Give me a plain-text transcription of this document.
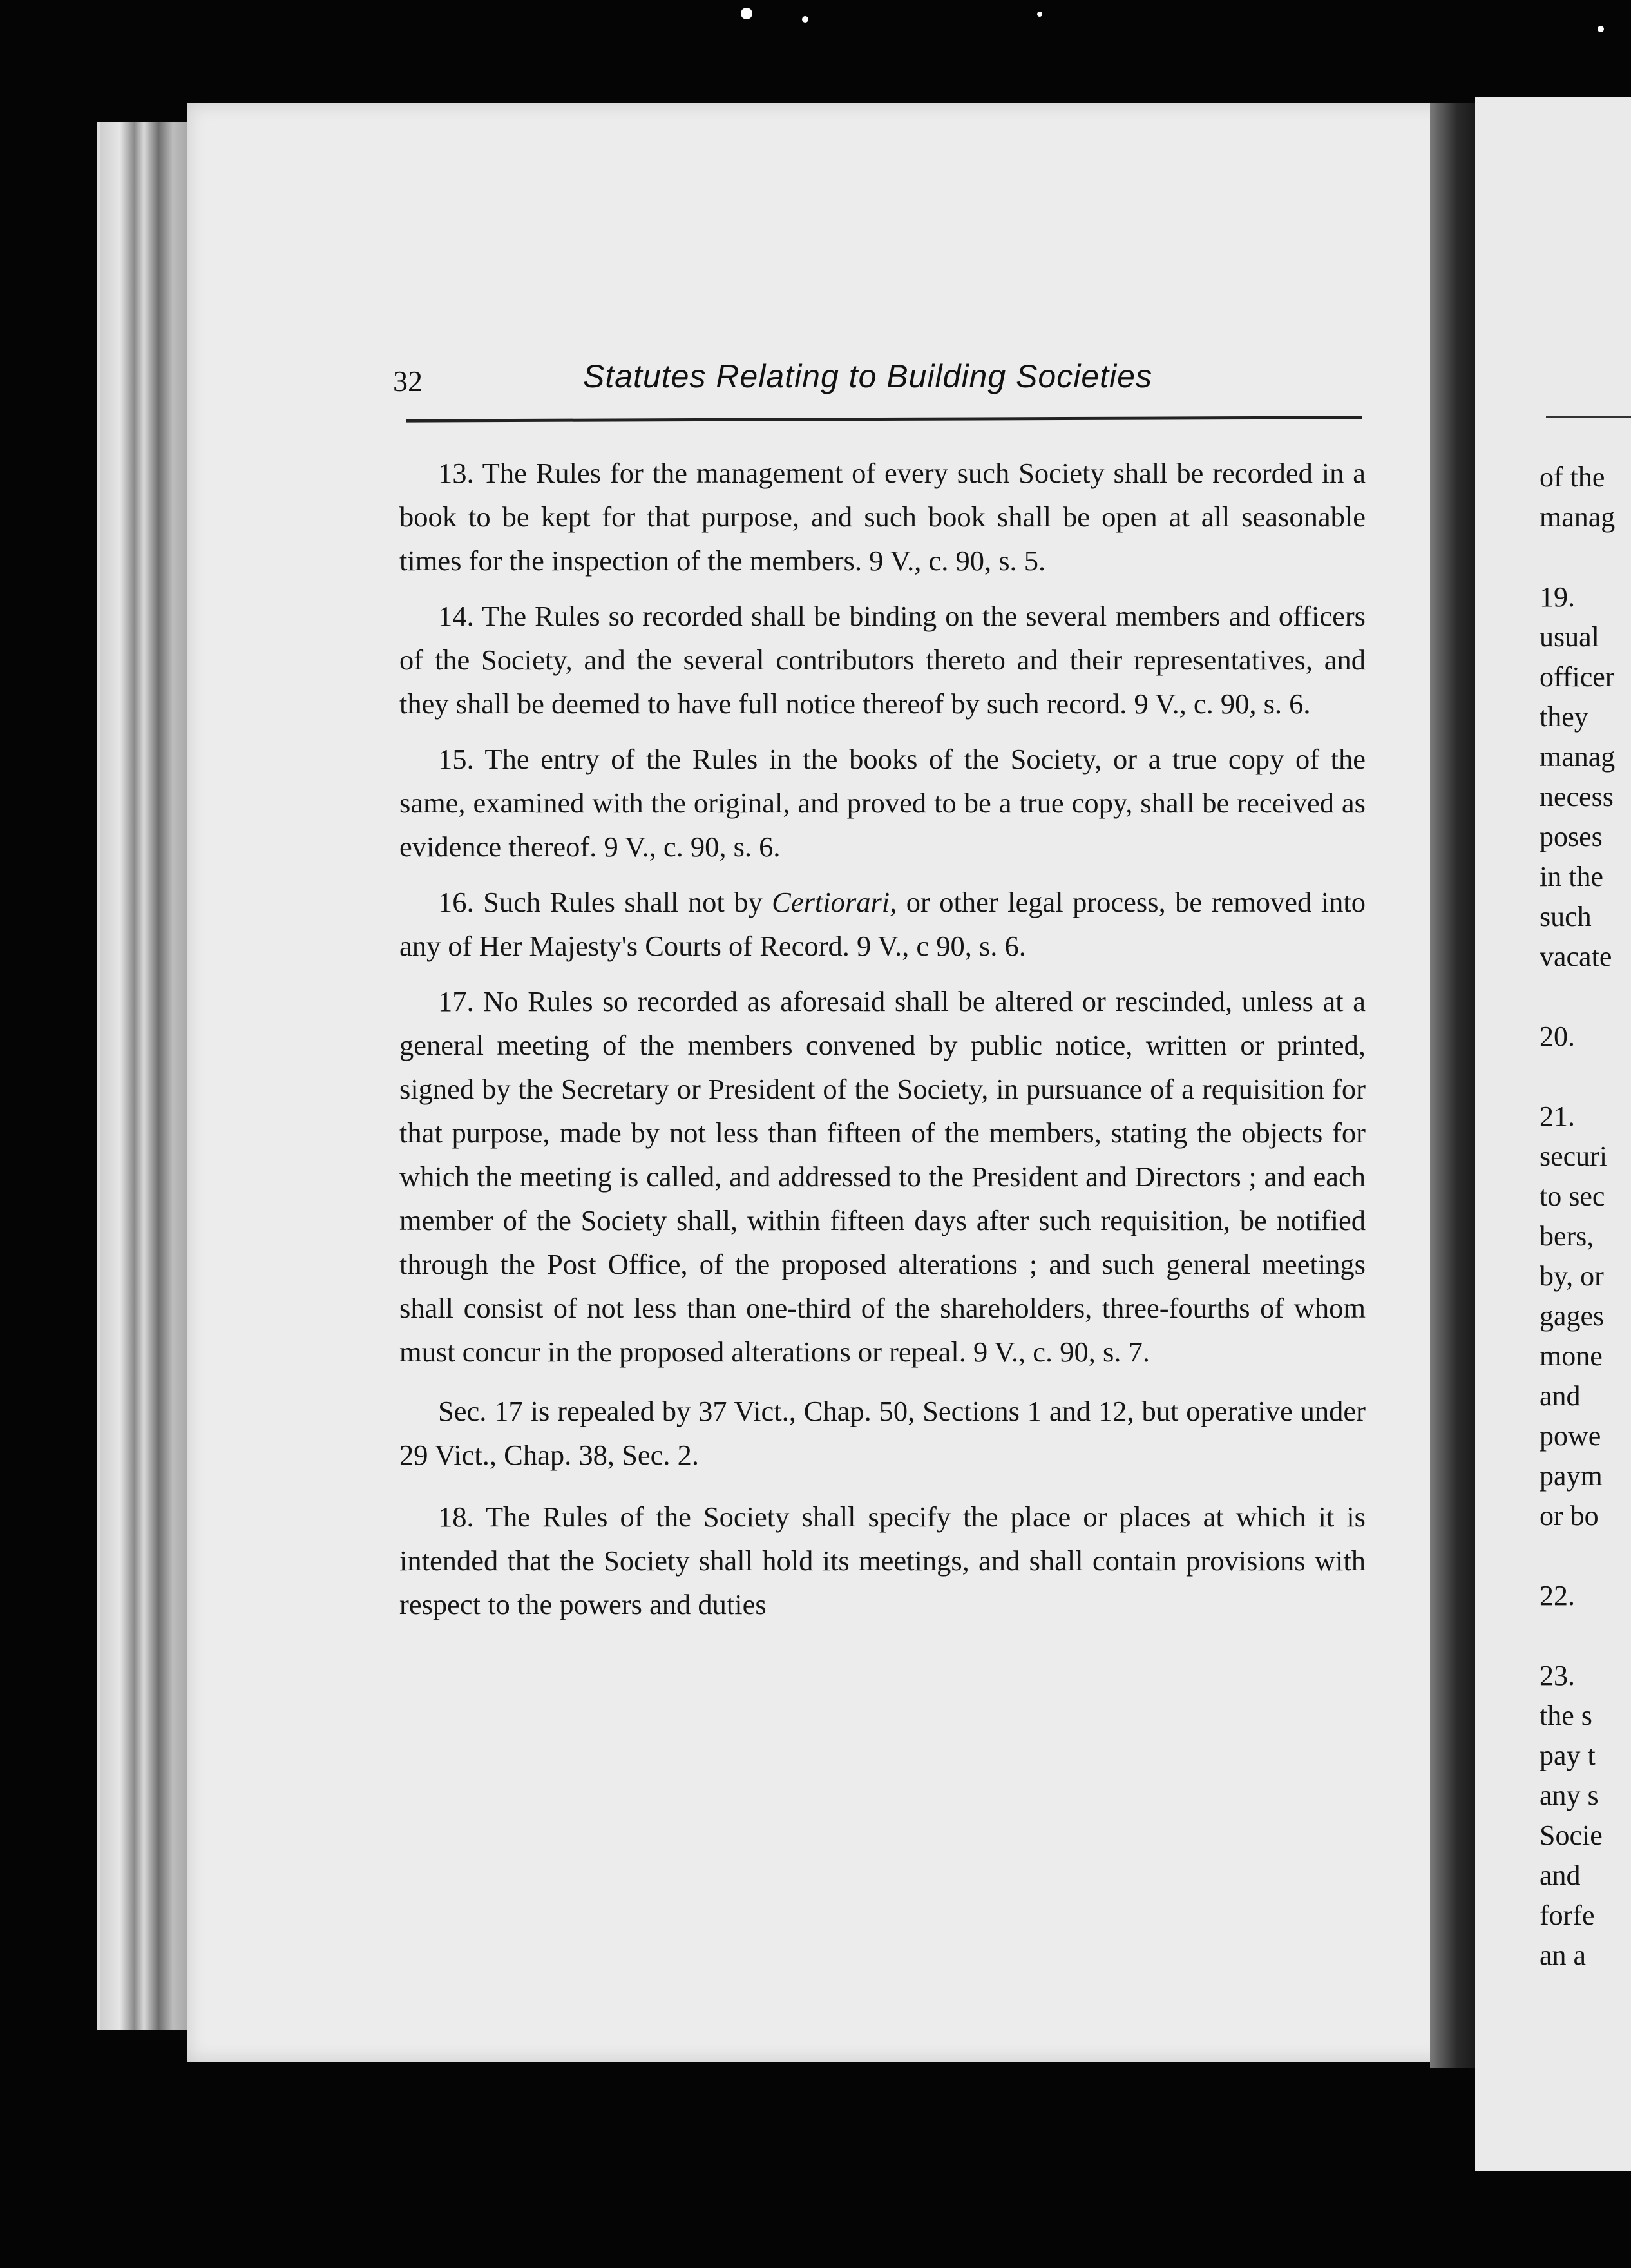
of the
manag
19.
usual
officer
they
manag
necess
poses
in the
such
vacate
20.
21.
securi
to sec
bers,
by, or
gages
mone
and
powe
paym
or bo
22.
23.
the s
pay t
any s
Socie
and
forfe
an a
32	Statutes Relating to Building Societies

13. The Rules for the management of every such Society shall be recorded in a book to be kept for that purpose, and such book shall be open at all seasonable times for the inspection of the members. 9 V., c. 90, s. 5.

14. The Rules so recorded shall be binding on the several members and officers of the Society, and the several contributors thereto and their representatives, and they shall be deemed to have full notice thereof by such record. 9 V., c. 90, s. 6.

15. The entry of the Rules in the books of the Society, or a true copy of the same, examined with the original, and proved to be a true copy, shall be received as evidence thereof. 9 V., c. 90, s. 6.

16. Such Rules shall not by Certiorari, or other legal process, be removed into any of Her Majesty's Courts of Record. 9 V., c 90, s. 6.

17. No Rules so recorded as aforesaid shall be altered or rescinded, unless at a general meeting of the members convened by public notice, written or printed, signed by the Secretary or President of the Society, in pursuance of a requisition for that purpose, made by not less than fifteen of the members, stating the objects for which the meeting is called, and addressed to the President and Directors ; and each member of the Society shall, within fifteen days after such requisition, be notified through the Post Office, of the proposed alterations ; and such general meetings shall consist of not less than one-third of the shareholders, three-fourths of whom must concur in the proposed alterations or repeal. 9 V., c. 90, s. 7.

Sec. 17 is repealed by 37 Vict., Chap. 50, Sections 1 and 12, but operative under 29 Vict., Chap. 38, Sec. 2.

18. The Rules of the Society shall specify the place or places at which it is intended that the Society shall hold its meetings, and shall contain provisions with respect to the powers and duties
